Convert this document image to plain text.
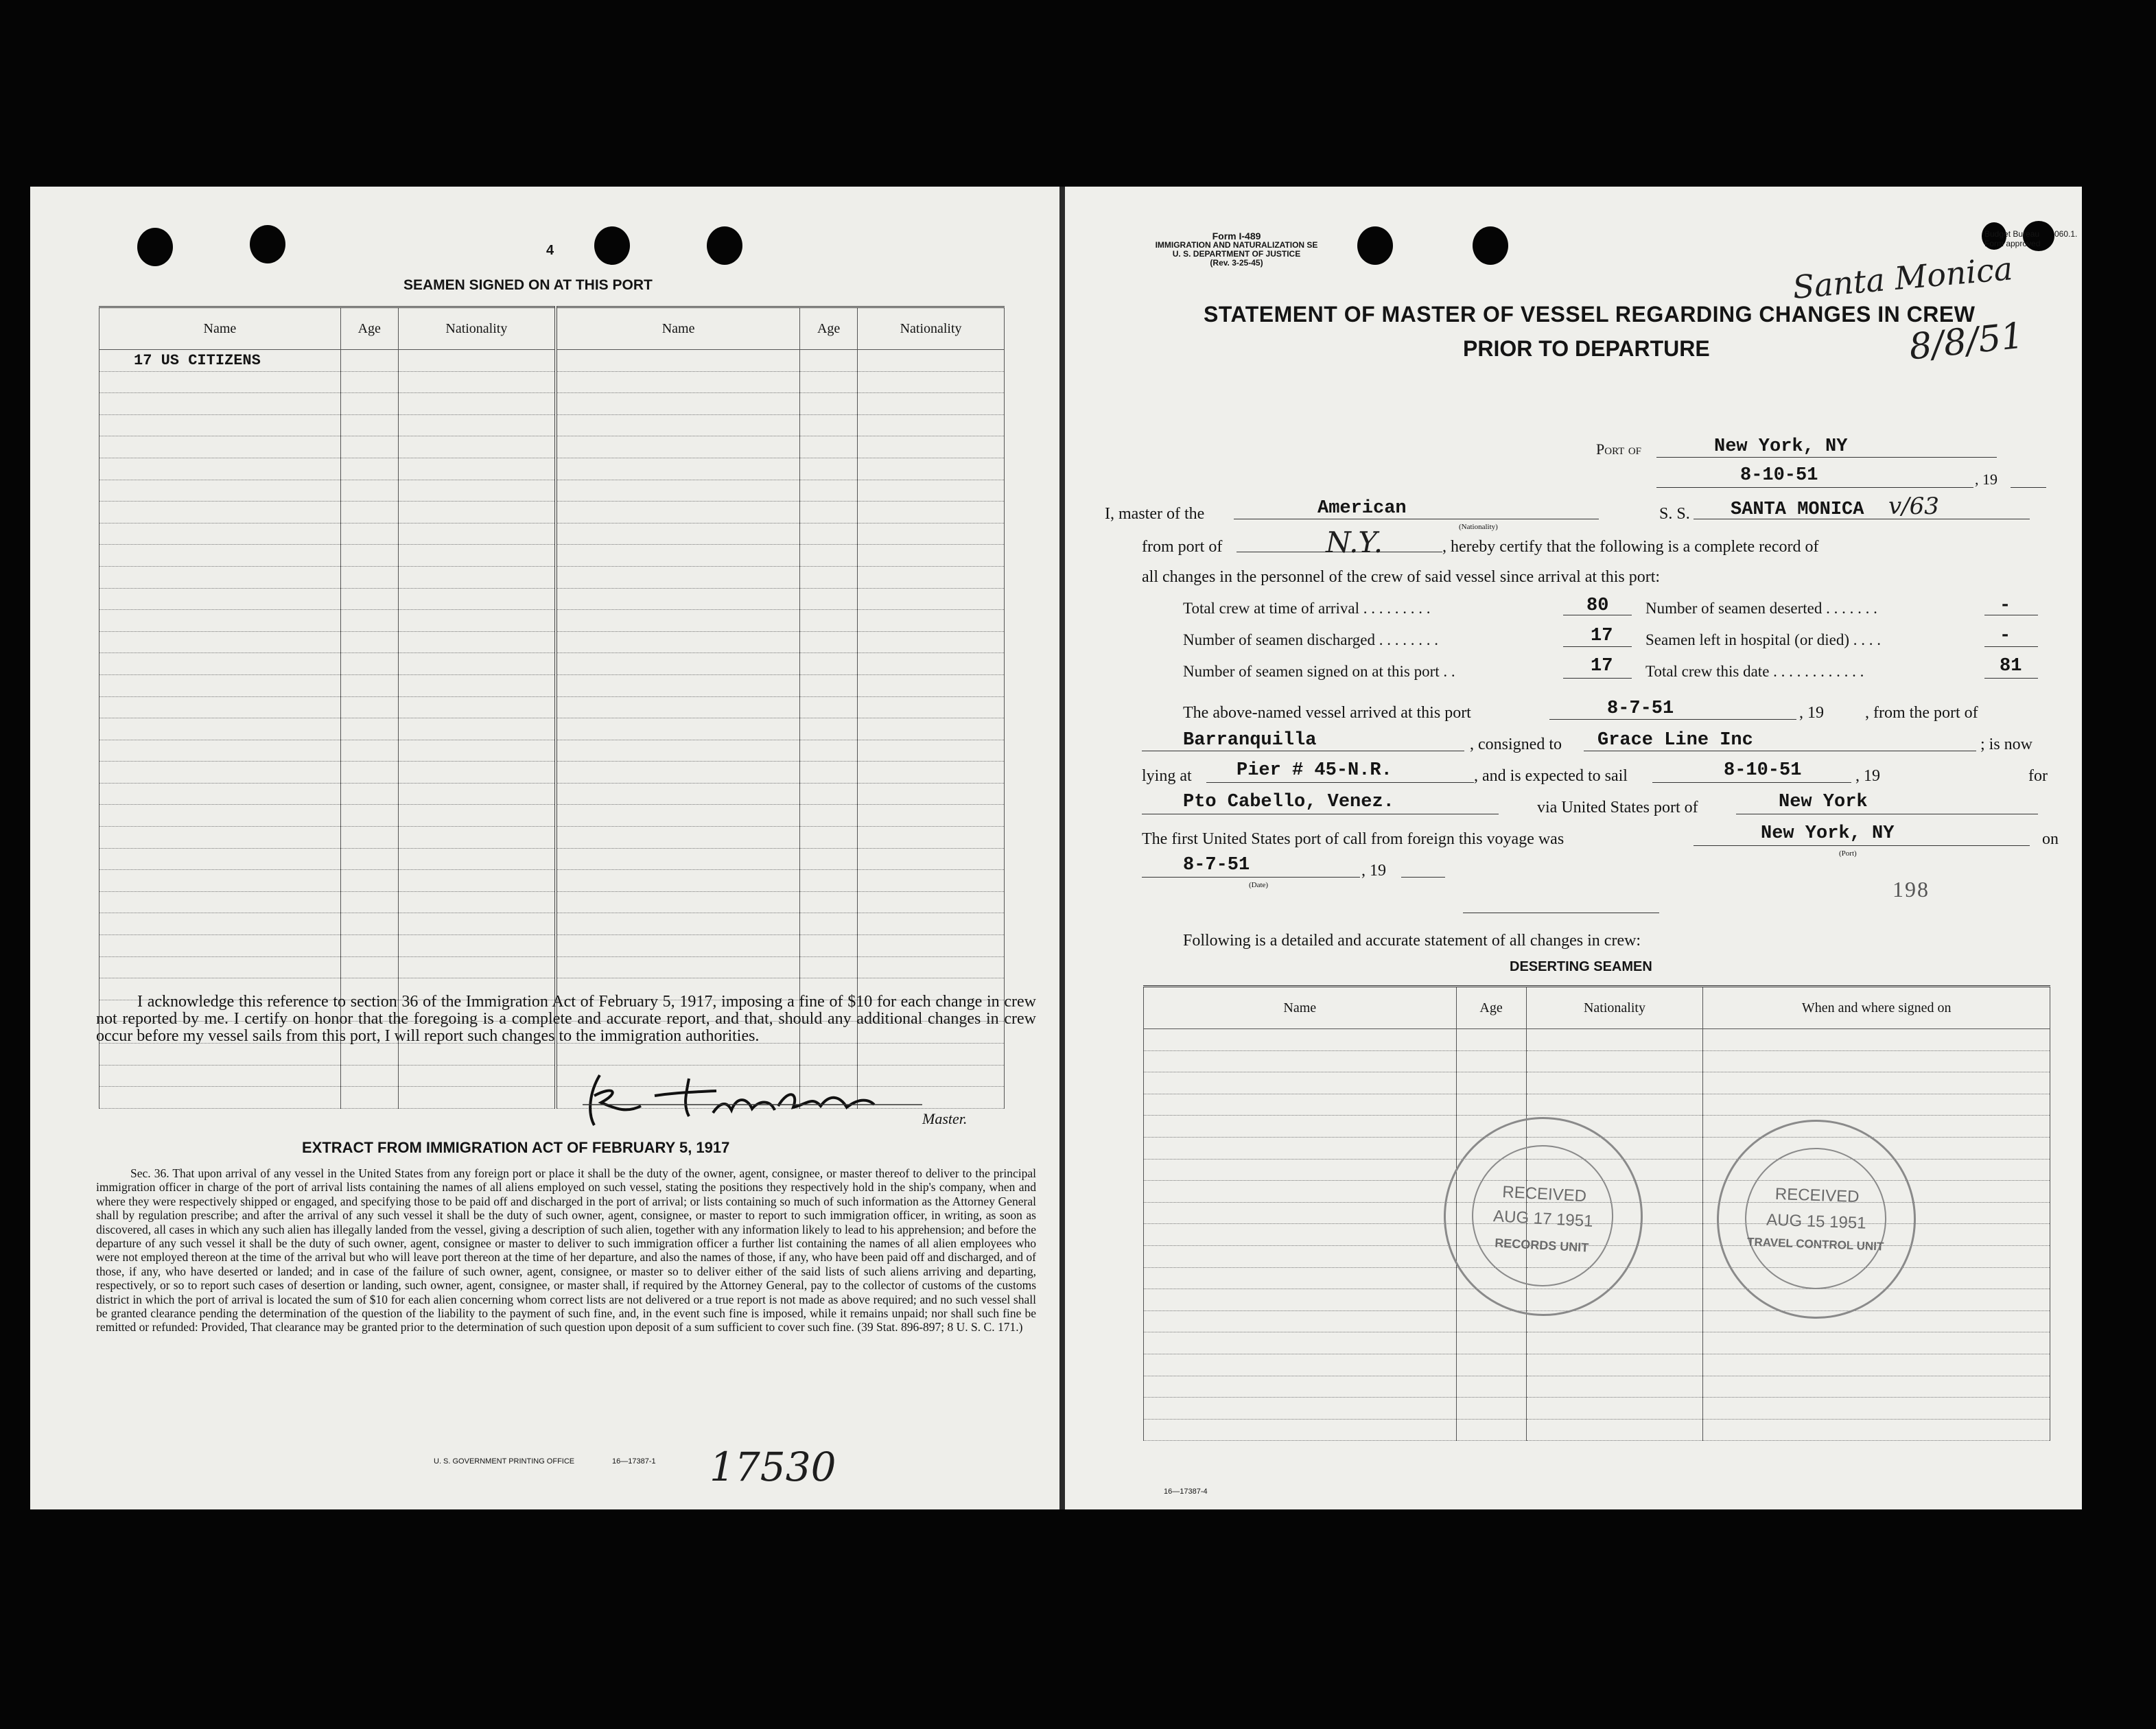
4
SEAMEN SIGNED ON AT THIS PORT
Name	Age	Nationality	Name	Age	Nationality
17 US CITIZENS					

I acknowledge this reference to section 36 of the Immigration Act of February 5, 1917, imposing a fine of $10 for each change in crew not reported by me. I certify on honor that the foregoing is a complete and accurate report, and that, should any additional changes in crew occur before my vessel sails from this port, I will report such changes to the immigration authorities.
Master.
EXTRACT FROM IMMIGRATION ACT OF FEBRUARY 5, 1917
Sec. 36. That upon arrival of any vessel in the United States from any foreign port or place it shall be the duty of the owner, agent, consignee, or master thereof to deliver to the principal immigration officer in charge of the port of arrival lists containing the names of all aliens employed on such vessel, stating the positions they respectively hold in the ship's company, when and where they were respectively shipped or engaged, and specifying those to be paid off and discharged in the port of arrival; or lists containing so much of such information as the Attorney General shall by regulation prescribe; and after the arrival of any such vessel it shall be the duty of such owner, agent, consignee, or master to report to such immigration officer, in writing, as soon as discovered, all cases in which any such alien has illegally landed from the vessel, giving a description of such alien, together with any information likely to lead to his apprehension; and before the departure of any such vessel it shall be the duty of such owner, agent, consignee or master to deliver to such immigration officer a further list containing the names of all alien employees who were not employed thereon at the time of the arrival but who will leave port thereon at the time of her departure, and also the names of those, if any, who have been paid off and discharged, and of those, if any, who have deserted or landed; and in case of the failure of such owner, agent, consignee, or master so to deliver either of the said lists of such aliens arriving and departing, respectively, or so to report such cases of desertion or landing, such owner, agent, consignee, or master shall, if required by the Attorney General, pay to the collector of customs of the customs district in which the port of arrival is located the sum of $10 for each alien concerning whom correct lists are not delivered or a true report is not made as above required; and no such vessel shall be granted clearance pending the determination of the question of the liability to the payment of such fine, and, in the event such fine is imposed, while it remains unpaid; nor shall such fine be remitted or refunded: Provided, That clearance may be granted prior to the determination of such question upon deposit of a sum sufficient to cover such fine. (39 Stat. 896-897; 8 U. S. C. 171.)
U. S. GOVERNMENT PRINTING OFFICE	16—17387-1 17530
Form I-489
IMMIGRATION AND NATURALIZATION SE
U. S. DEPARTMENT OF JUSTICE
(Rev. 3-25-45)
Budget Bureau
Form approved
060.1.
Santa Monica
8/8/51
STATEMENT OF MASTER OF VESSEL REGARDING CHANGES IN CREW
PRIOR TO DEPARTURE
Port of	New York, NY
8-10-51	, 19
I, master of the	American
(Nationality)
S. S. SANTA MONICA v/63
from port of	N.Y.	, hereby certify that the following is a complete record of
all changes in the personnel of the crew of said vessel since arrival at this port:
Total crew at time of arrival . . . . . . . . .	80
Number of seamen discharged . . . . . . . .	17
Number of seamen signed on at this port . .	17
Number of seamen deserted . . . . . . .	-
Seamen left in hospital (or died) . . . .	-
Total crew this date . . . . . . . . . . . .	81
The above-named vessel arrived at this port	8-7-51	, 19	, from the port of
Barranquilla	, consigned to Grace Line Inc	; is now
lying at Pier # 45-N.R.	, and is expected to sail	8-10-51	, 19	for
Pto Cabello, Venez.	via United States port of	New York
The first United States port of call from foreign this voyage was	New York, NY
(Port)
on
8-7-51
(Date)
, 19
198
Following is a detailed and accurate statement of all changes in crew:
DESERTING SEAMEN
Name	Age	Nationality	When and where signed on

RECEIVED
AUG 17 1951
RECORDS UNIT
RECEIVED
AUG 15 1951
TRAVEL CONTROL UNIT
16—17387-4
